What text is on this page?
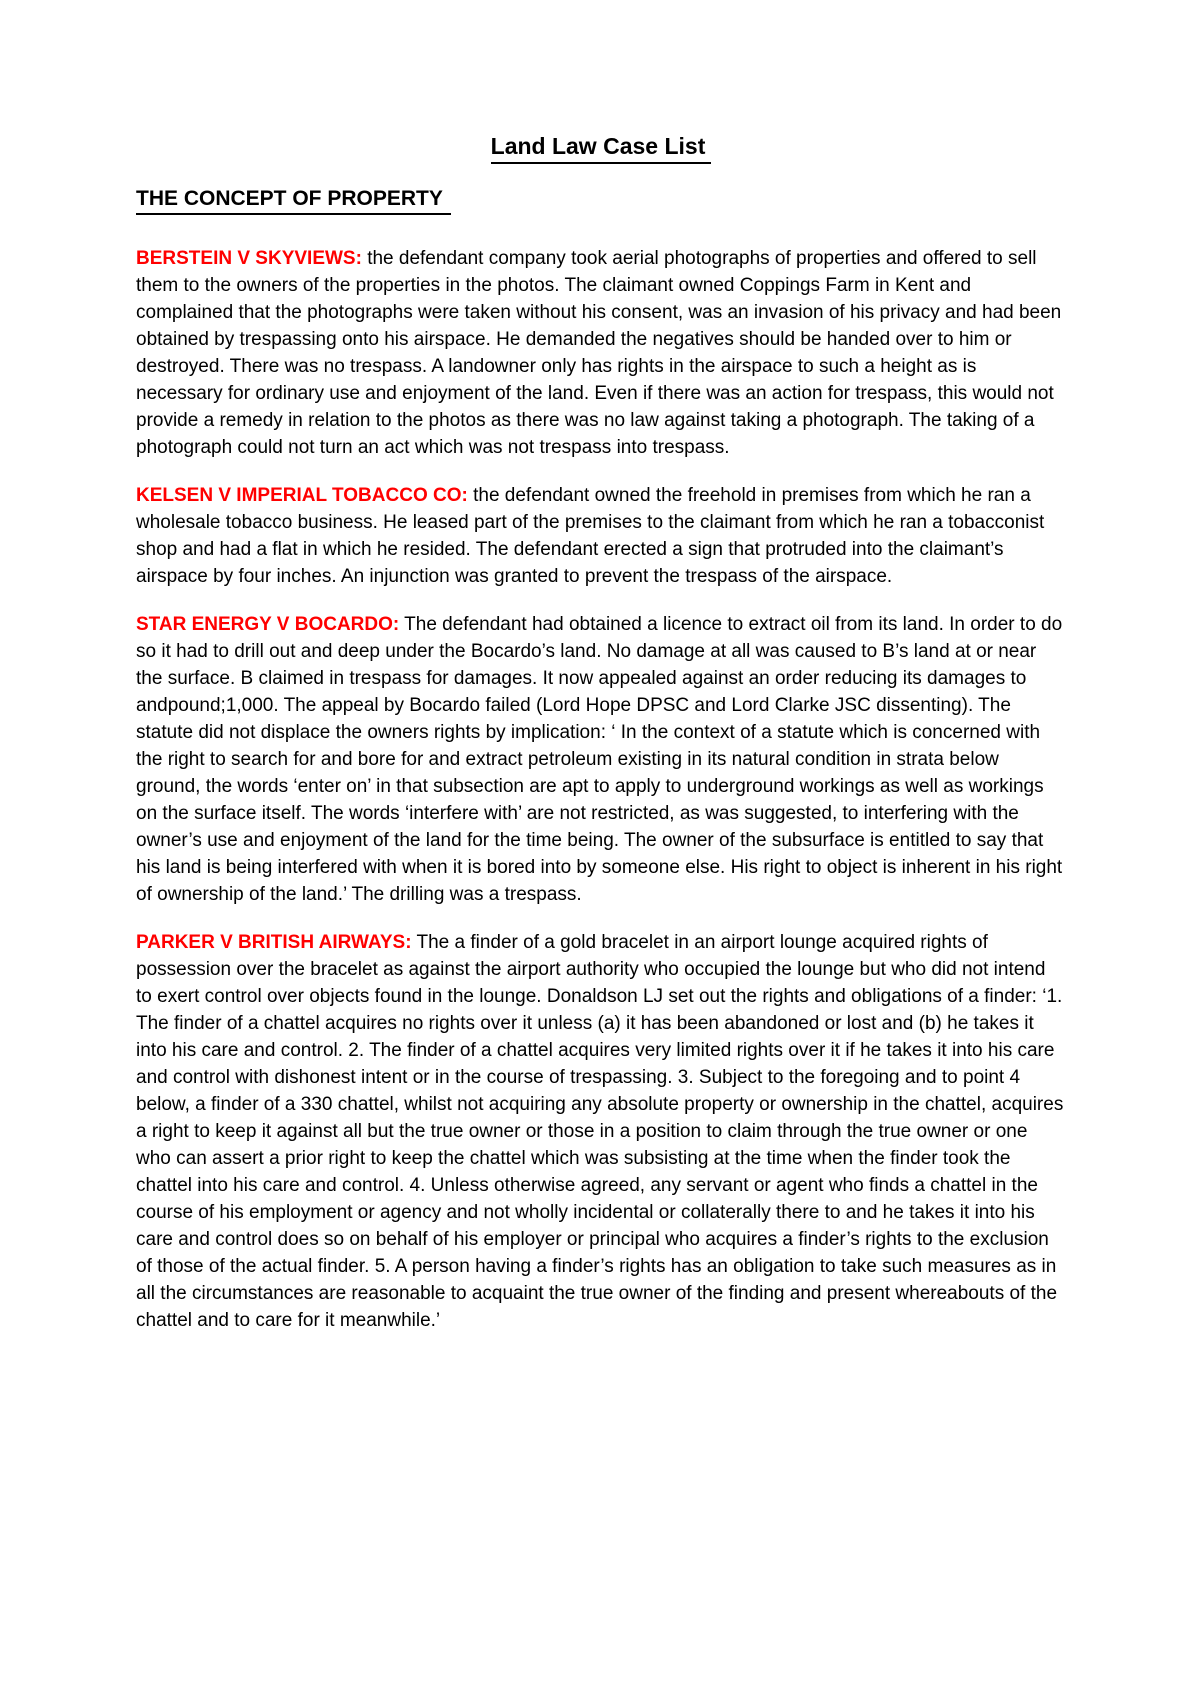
Land Law Case List
THE CONCEPT OF PROPERTY

BERSTEIN V SKYVIEWS: the defendant company took aerial photographs of properties and offered to sell them to the owners of the properties in the photos. The claimant owned Coppings Farm in Kent and complained that the photographs were taken without his consent, was an invasion of his privacy and had been obtained by trespassing onto his airspace. He demanded the negatives should be handed over to him or destroyed. There was no trespass. A landowner only has rights in the airspace to such a height as is necessary for ordinary use and enjoyment of the land. Even if there was an action for trespass, this would not provide a remedy in relation to the photos as there was no law against taking a photograph. The taking of a photograph could not turn an act which was not trespass into trespass.

KELSEN V IMPERIAL TOBACCO CO: the defendant owned the freehold in premises from which he ran a wholesale tobacco business. He leased part of the premises to the claimant from which he ran a tobacconist shop and had a flat in which he resided. The defendant erected a sign that protruded into the claimant’s airspace by four inches. An injunction was granted to prevent the trespass of the airspace.

STAR ENERGY V BOCARDO: The defendant had obtained a licence to extract oil from its land. In order to do so it had to drill out and deep under the Bocardo’s land. No damage at all was caused to B’s land at or near the surface. B claimed in trespass for damages. It now appealed against an order reducing its damages to andpound;1,000. The appeal by Bocardo failed (Lord Hope DPSC and Lord Clarke JSC dissenting). The statute did not displace the owners rights by implication: ‘ In the context of a statute which is concerned with the right to search for and bore for and extract petroleum existing in its natural condition in strata below ground, the words ‘enter on’ in that subsection are apt to apply to underground workings as well as workings on the surface itself. The words ‘interfere with’ are not restricted, as was suggested, to interfering with the owner’s use and enjoyment of the land for the time being. The owner of the subsurface is entitled to say that his land is being interfered with when it is bored into by someone else. His right to object is inherent in his right of ownership of the land.’ The drilling was a trespass.

PARKER V BRITISH AIRWAYS: The a finder of a gold bracelet in an airport lounge acquired rights of possession over the bracelet as against the airport authority who occupied the lounge but who did not intend to exert control over objects found in the lounge. Donaldson LJ set out the rights and obligations of a finder: ‘1. The finder of a chattel acquires no rights over it unless (a) it has been abandoned or lost and (b) he takes it into his care and control. 2. The finder of a chattel acquires very limited rights over it if he takes it into his care and control with dishonest intent or in the course of trespassing. 3. Subject to the foregoing and to point 4 below, a finder of a 330 chattel, whilst not acquiring any absolute property or ownership in the chattel, acquires a right to keep it against all but the true owner or those in a position to claim through the true owner or one who can assert a prior right to keep the chattel which was subsisting at the time when the finder took the chattel into his care and control. 4. Unless otherwise agreed, any servant or agent who finds a chattel in the course of his employment or agency and not wholly incidental or collaterally there to and he takes it into his care and control does so on behalf of his employer or principal who acquires a finder’s rights to the exclusion of those of the actual finder. 5. A person having a finder’s rights has an obligation to take such measures as in all the circumstances are reasonable to acquaint the true owner of the finding and present whereabouts of the chattel and to care for it meanwhile.’
